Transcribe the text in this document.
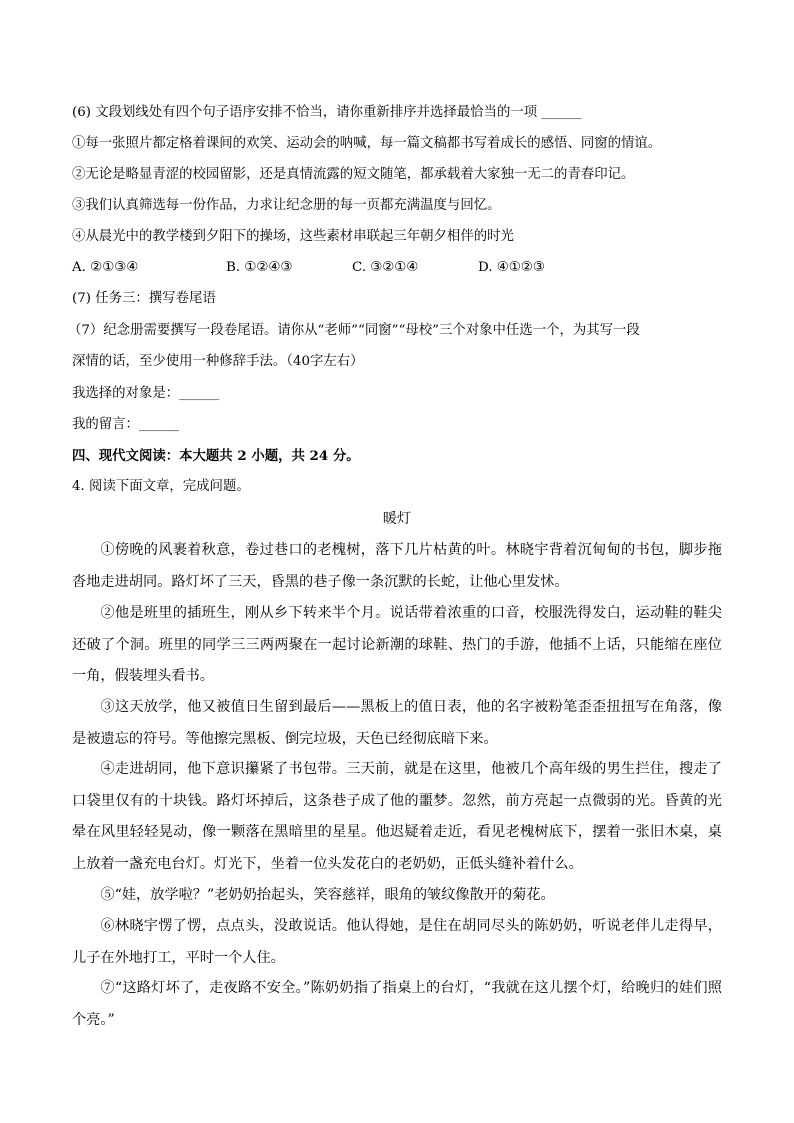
(6) 文段划线处有四个句子语序安排不恰当，请你重新排序并选择最恰当的一项 ______
①每一张照片都定格着课间的欢笑、运动会的呐喊，每一篇文稿都书写着成长的感悟、同窗的情谊。
②无论是略显青涩的校园留影，还是真情流露的短文随笔，都承载着大家独一无二的青春印记。
③我们认真筛选每一份作品，力求让纪念册的每一页都充满温度与回忆。
④从晨光中的教学楼到夕阳下的操场，这些素材串联起三年朝夕相伴的时光
A. ②①③④	B. ①②④③	C. ③②①④	D. ④①②③
(7) 任务三：撰写卷尾语
（7）纪念册需要撰写一段卷尾语。请你从“老师”“同窗”“母校”三个对象中任选一个，为其写一段
深情的话，至少使用一种修辞手法。（40字左右）
我选择的对象是：______
我的留言：______
四、现代文阅读：本大题共 2 小题，共 24 分。
4. 阅读下面文章，完成问题。
暖灯
①傍晚的风裹着秋意，卷过巷口的老槐树，落下几片枯黄的叶。林晓宇背着沉甸甸的书包，脚步拖沓地走进胡同。路灯坏了三天，昏黑的巷子像一条沉默的长蛇，让他心里发怵。
②他是班里的插班生，刚从乡下转来半个月。说话带着浓重的口音，校服洗得发白，运动鞋的鞋尖还破了个洞。班里的同学三三两两聚在一起讨论新潮的球鞋、热门的手游，他插不上话，只能缩在座位一角，假装埋头看书。
③这天放学，他又被值日生留到最后——黑板上的值日表，他的名字被粉笔歪歪扭扭写在角落，像是被遗忘的符号。等他擦完黑板、倒完垃圾，天色已经彻底暗下来。
④走进胡同，他下意识攥紧了书包带。三天前，就是在这里，他被几个高年级的男生拦住，搜走了口袋里仅有的十块钱。路灯坏掉后，这条巷子成了他的噩梦。忽然，前方亮起一点微弱的光。昏黄的光晕在风里轻轻晃动，像一颗落在黑暗里的星星。他迟疑着走近，看见老槐树底下，摆着一张旧木桌，桌上放着一盏充电台灯。灯光下，坐着一位头发花白的老奶奶，正低头缝补着什么。
⑤“娃，放学啦？”老奶奶抬起头，笑容慈祥，眼角的皱纹像散开的菊花。
⑥林晓宇愣了愣，点点头，没敢说话。他认得她，是住在胡同尽头的陈奶奶，听说老伴儿走得早，儿子在外地打工，平时一个人住。
⑦“这路灯坏了，走夜路不安全。”陈奶奶指了指桌上的台灯，“我就在这儿摆个灯，给晚归的娃们照个亮。”
